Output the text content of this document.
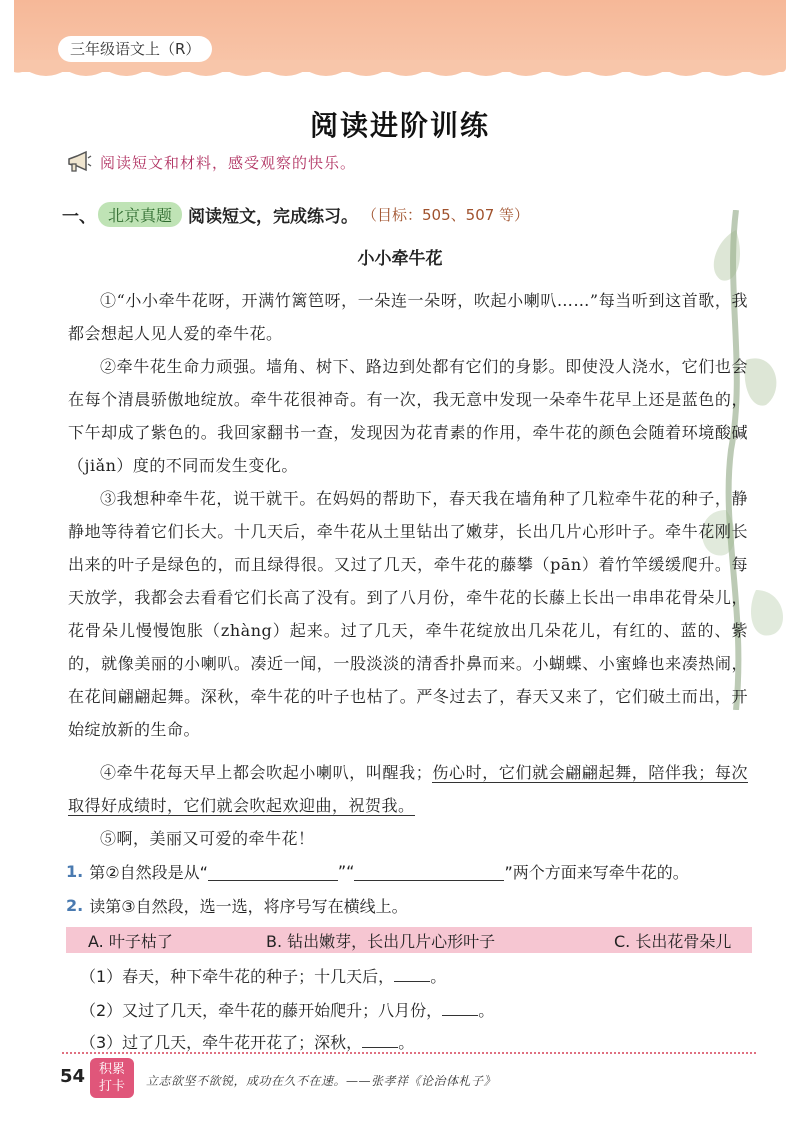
三年级语文上（R）
阅读进阶训练
阅读短文和材料，感受观察的快乐。
一、 北京真题 阅读短文，完成练习。 （目标：505、507 等）
小小牵牛花
①“小小牵牛花呀，开满竹篱笆呀，一朵连一朵呀，吹起小喇叭……”每当听到这首歌，我都会想起人见人爱的牵牛花。
②牵牛花生命力顽强。墙角、树下、路边到处都有它们的身影。即使没人浇水，它们也会在每个清晨骄傲地绽放。牵牛花很神奇。有一次，我无意中发现一朵牵牛花早上还是蓝色的，下午却成了紫色的。我回家翻书一查，发现因为花青素的作用，牵牛花的颜色会随着环境酸碱（jiǎn）度的不同而发生变化。
③我想种牵牛花，说干就干。在妈妈的帮助下，春天我在墙角种了几粒牵牛花的种子，静静地等待着它们长大。十几天后，牵牛花从土里钻出了嫩芽，长出几片心形叶子。牵牛花刚长出来的叶子是绿色的，而且绿得很。又过了几天，牵牛花的藤攀（pān）着竹竿缓缓爬升。每天放学，我都会去看看它们长高了没有。到了八月份，牵牛花的长藤上长出一串串花骨朵儿，花骨朵儿慢慢饱胀（zhàng）起来。过了几天，牵牛花绽放出几朵花儿，有红的、蓝的、紫的，就像美丽的小喇叭。凑近一闻，一股淡淡的清香扑鼻而来。小蝴蝶、小蜜蜂也来凑热闹，在花间翩翩起舞。深秋，牵牛花的叶子也枯了。严冬过去了，春天又来了，它们破土而出，开始绽放新的生命。
④牵牛花每天早上都会吹起小喇叭，叫醒我；伤心时，它们就会翩翩起舞，陪伴我；每次取得好成绩时，它们就会吹起欢迎曲，祝贺我。
⑤啊，美丽又可爱的牵牛花！
1. 第②自然段是从“	”“	”两个方面来写牵牛花的。
2. 读第③自然段，选一选，将序号写在横线上。
A. 叶子枯了	B. 钻出嫩芽，长出几片心形叶子	C. 长出花骨朵儿
（1）春天，种下牵牛花的种子；十几天后， 。
（2）又过了几天，牵牛花的藤开始爬升；八月份， 。
（3）过了几天，牵牛花开花了；深秋， 。
54	积累
打卡	立志欲坚不欲锐，成功在久不在速。——张孝祥《论治体札子》
